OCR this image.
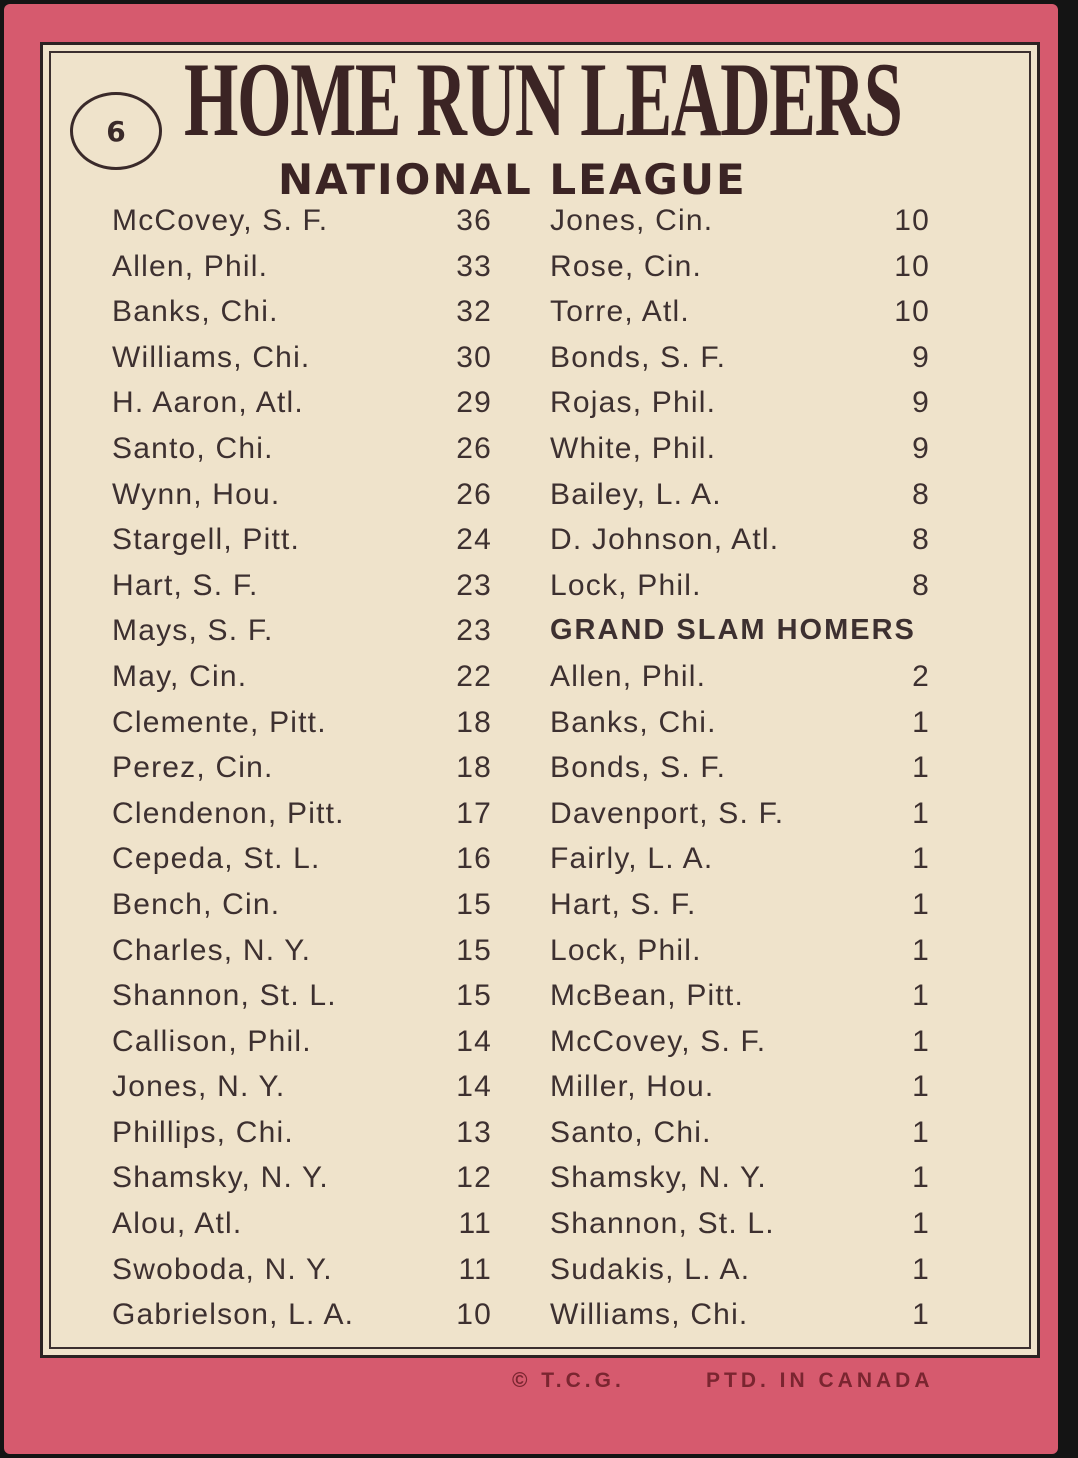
6 HOME RUN LEADERS
NATIONAL LEAGUE
McCovey, S. F.	36
Allen, Phil.	33
Banks, Chi.	32
Williams, Chi.	30
H. Aaron, Atl.	29
Santo, Chi.	26
Wynn, Hou.	26
Stargell, Pitt.	24
Hart, S. F.	23
Mays, S. F.	23
May, Cin.	22
Clemente, Pitt.	18
Perez, Cin.	18
Clendenon, Pitt.	17
Cepeda, St. L.	16
Bench, Cin.	15
Charles, N. Y.	15
Shannon, St. L.	15
Callison, Phil.	14
Jones, N. Y.	14
Phillips, Chi.	13
Shamsky, N. Y.	12
Alou, Atl.	11
Swoboda, N. Y.	11
Gabrielson, L. A.	10
Jones, Cin.	10
Rose, Cin.	10
Torre, Atl.	10
Bonds, S. F.	9
Rojas, Phil.	9
White, Phil.	9
Bailey, L. A.	8
D. Johnson, Atl.	8
Lock, Phil.	8
GRAND SLAM HOMERS
Allen, Phil.	2
Banks, Chi.	1
Bonds, S. F.	1
Davenport, S. F.	1
Fairly, L. A.	1
Hart, S. F.	1
Lock, Phil.	1
McBean, Pitt.	1
McCovey, S. F.	1
Miller, Hou.	1
Santo, Chi.	1
Shamsky, N. Y.	1
Shannon, St. L.	1
Sudakis, L. A.	1
Williams, Chi.	1
© T.C.G.	PTD. IN CANADA
